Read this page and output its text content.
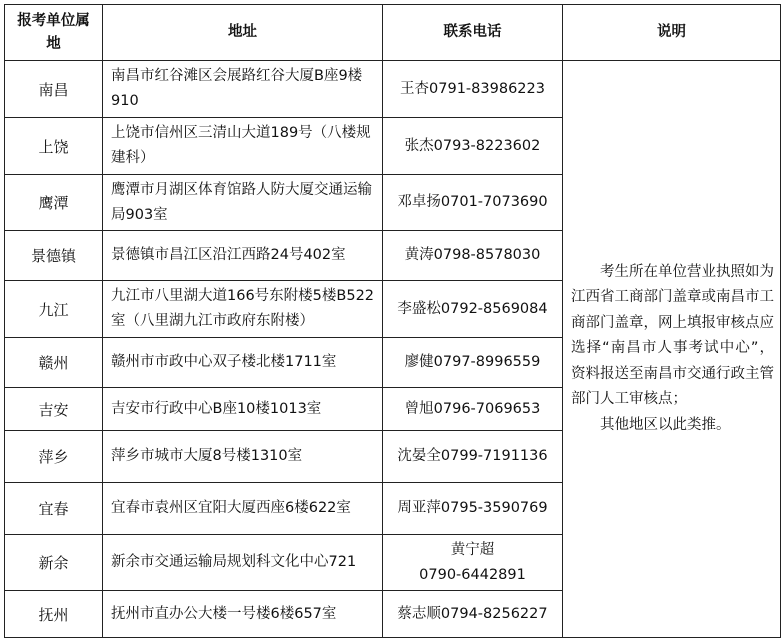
报考单位属地	地址	联系电话	说明
南昌	南昌市红谷滩区会展路红谷大厦B座9楼910	王杏0791-83986223	考生所在单位营业执照如为江西省工商部门盖章或南昌市工商部门盖章，网上填报审核点应选择“南昌市人事考试中心”，资料报送至南昌市交通行政主管部门人工审核点；
其他地区以此类推。

上饶	上饶市信州区三清山大道189号（八楼规建科）	张杰0793-8223602	

鹰潭	鹰潭市月湖区体育馆路人防大厦交通运输局903室	邓卓扬0701-7073690	

景德镇	景德镇市昌江区沿江西路24号402室	黄涛0798-8578030	

九江	九江市八里湖大道166号东附楼5楼B522室（八里湖九江市政府东附楼）	李盛松0792-8569084	

赣州	赣州市市政中心双子楼北楼1711室	廖健0797-8996559	

吉安	吉安市行政中心B座10楼1013室	曾旭0796-7069653	

萍乡	萍乡市城市大厦8号楼1310室	沈晏全0799-7191136	

宜春	宜春市袁州区宜阳大厦西座6楼622室	周亚萍0795-3590769	

新余	新余市交通运输局规划科文化中心721	黄宁超
0790-6442891	

抚州	抚州市直办公大楼一号楼6楼657室	蔡志顺0794-8256227	
